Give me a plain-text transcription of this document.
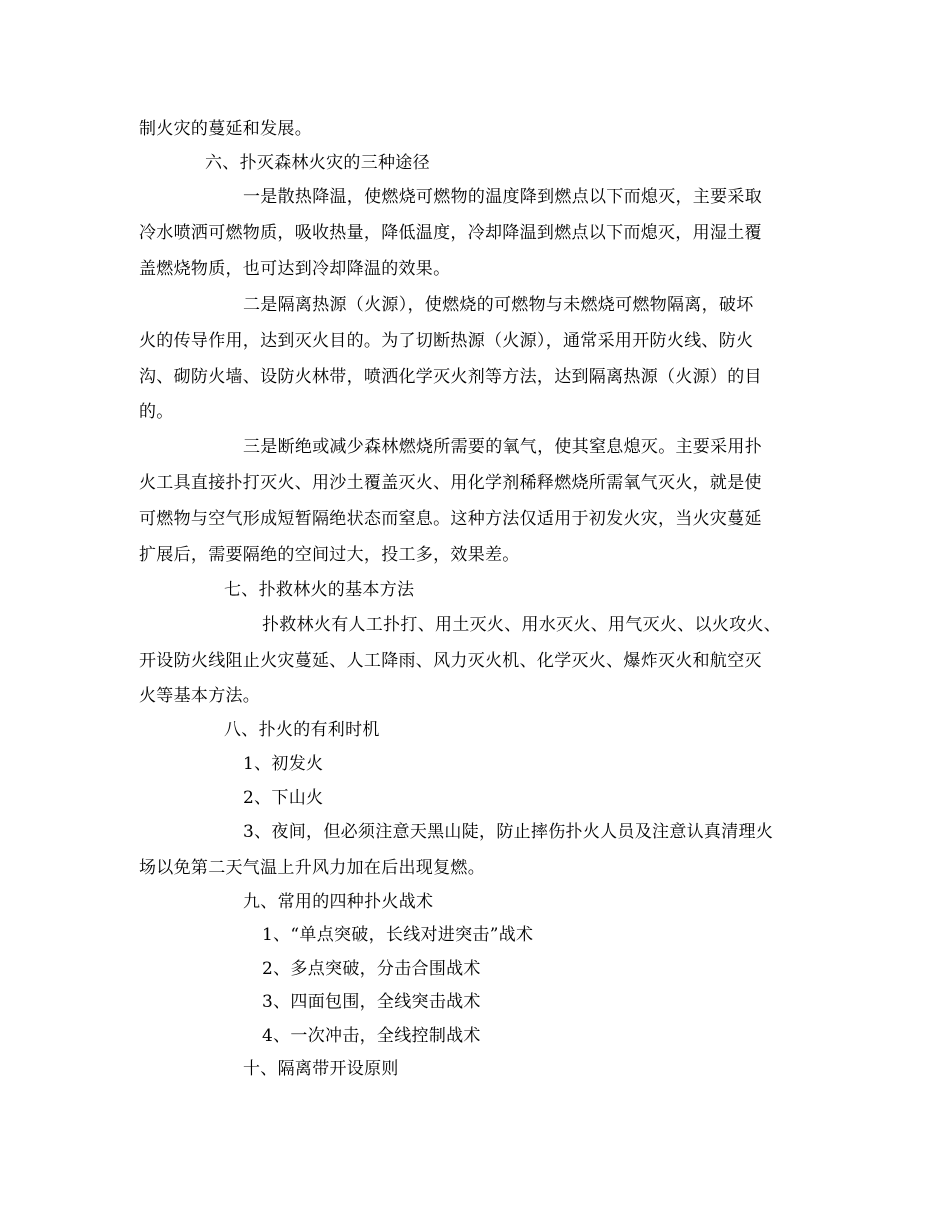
制火灾的蔓延和发展。
六、扑灭森林火灾的三种途径
一是散热降温，使燃烧可燃物的温度降到燃点以下而熄灭，主要采取
冷水喷洒可燃物质，吸收热量，降低温度，冷却降温到燃点以下而熄灭，用湿土覆
盖燃烧物质，也可达到冷却降温的效果。
二是隔离热源（火源），使燃烧的可燃物与未燃烧可燃物隔离，破坏
火的传导作用，达到灭火目的。为了切断热源（火源），通常采用开防火线、防火
沟、砌防火墙、设防火林带，喷洒化学灭火剂等方法，达到隔离热源（火源）的目
的。
三是断绝或减少森林燃烧所需要的氧气，使其窒息熄灭。主要采用扑
火工具直接扑打灭火、用沙土覆盖灭火、用化学剂稀释燃烧所需氧气灭火，就是使
可燃物与空气形成短暂隔绝状态而窒息。这种方法仅适用于初发火灾，当火灾蔓延
扩展后，需要隔绝的空间过大，投工多，效果差。
七、扑救林火的基本方法
扑救林火有人工扑打、用土灭火、用水灭火、用气灭火、以火攻火、
开设防火线阻止火灾蔓延、人工降雨、风力灭火机、化学灭火、爆炸灭火和航空灭
火等基本方法。
八、扑火的有利时机
1、初发火
2、下山火
3、夜间，但必须注意天黑山陡，防止摔伤扑火人员及注意认真清理火
场以免第二天气温上升风力加在后出现复燃。
九、常用的四种扑火战术
1、“单点突破，长线对进突击”战术
2、多点突破，分击合围战术
3、四面包围，全线突击战术
4、一次冲击，全线控制战术
十、隔离带开设原则
